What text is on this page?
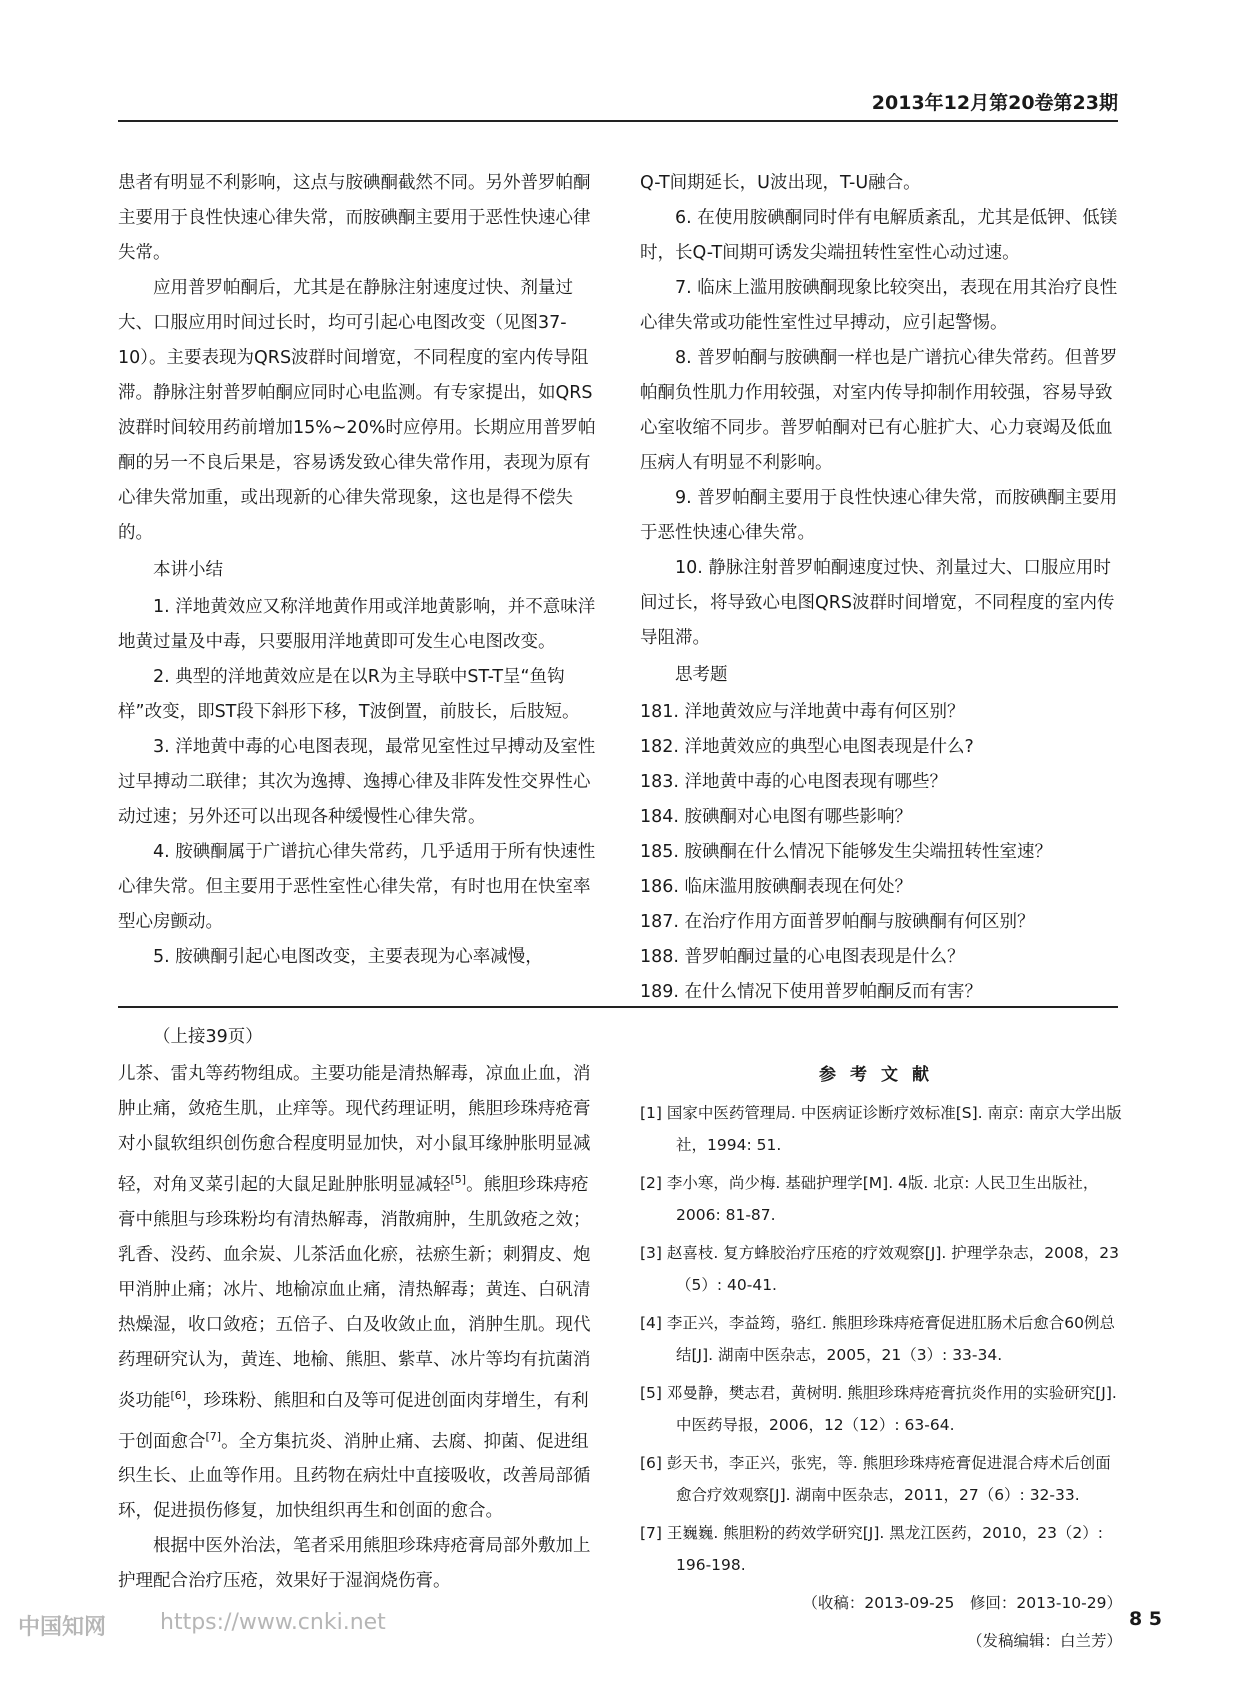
2013年12月第20卷第23期

患者有明显不利影响，这点与胺碘酮截然不同。另外普罗帕酮主要用于良性快速心律失常，而胺碘酮主要用于恶性快速心律失常。

应用普罗帕酮后，尤其是在静脉注射速度过快、剂量过大、口服应用时间过长时，均可引起心电图改变（见图37-10）。主要表现为QRS波群时间增宽，不同程度的室内传导阻滞。静脉注射普罗帕酮应同时心电监测。有专家提出，如QRS波群时间较用药前增加15%~20%时应停用。长期应用普罗帕酮的另一不良后果是，容易诱发致心律失常作用，表现为原有心律失常加重，或出现新的心律失常现象，这也是得不偿失的。

本讲小结

1. 洋地黄效应又称洋地黄作用或洋地黄影响，并不意味洋地黄过量及中毒，只要服用洋地黄即可发生心电图改变。

2. 典型的洋地黄效应是在以R为主导联中ST-T呈“鱼钩样”改变，即ST段下斜形下移，T波倒置，前肢长，后肢短。

3. 洋地黄中毒的心电图表现，最常见室性过早搏动及室性过早搏动二联律；其次为逸搏、逸搏心律及非阵发性交界性心动过速；另外还可以出现各种缓慢性心律失常。

4. 胺碘酮属于广谱抗心律失常药，几乎适用于所有快速性心律失常。但主要用于恶性室性心律失常，有时也用在快室率型心房颤动。

5. 胺碘酮引起心电图改变，主要表现为心率减慢，

Q-T间期延长，U波出现，T-U融合。

6. 在使用胺碘酮同时伴有电解质紊乱，尤其是低钾、低镁时，长Q-T间期可诱发尖端扭转性室性心动过速。

7. 临床上滥用胺碘酮现象比较突出，表现在用其治疗良性心律失常或功能性室性过早搏动，应引起警惕。

8. 普罗帕酮与胺碘酮一样也是广谱抗心律失常药。但普罗帕酮负性肌力作用较强，对室内传导抑制作用较强，容易导致心室收缩不同步。普罗帕酮对已有心脏扩大、心力衰竭及低血压病人有明显不利影响。

9. 普罗帕酮主要用于良性快速心律失常，而胺碘酮主要用于恶性快速心律失常。

10. 静脉注射普罗帕酮速度过快、剂量过大、口服应用时间过长，将导致心电图QRS波群时间增宽，不同程度的室内传导阻滞。

思考题

181. 洋地黄效应与洋地黄中毒有何区别？

182. 洋地黄效应的典型心电图表现是什么?

183. 洋地黄中毒的心电图表现有哪些？

184. 胺碘酮对心电图有哪些影响？

185. 胺碘酮在什么情况下能够发生尖端扭转性室速？

186. 临床滥用胺碘酮表现在何处？

187. 在治疗作用方面普罗帕酮与胺碘酮有何区别？

188. 普罗帕酮过量的心电图表现是什么？

189. 在什么情况下使用普罗帕酮反而有害？

（上接39页）

儿茶、雷丸等药物组成。主要功能是清热解毒，凉血止血，消肿止痛，敛疮生肌，止痒等。现代药理证明，熊胆珍珠痔疮膏对小鼠软组织创伤愈合程度明显加快，对小鼠耳缘肿胀明显减轻，对角叉菜引起的大鼠足趾肿胀明显减轻[5]。熊胆珍珠痔疮膏中熊胆与珍珠粉均有清热解毒，消散痈肿，生肌敛疮之效；乳香、没药、血余炭、儿茶活血化瘀，祛瘀生新；刺猬皮、炮甲消肿止痛；冰片、地榆凉血止痛，清热解毒；黄连、白矾清热燥湿，收口敛疮；五倍子、白及收敛止血，消肿生肌。现代药理研究认为，黄连、地榆、熊胆、紫草、冰片等均有抗菌消炎功能[6]，珍珠粉、熊胆和白及等可促进创面肉芽增生，有利于创面愈合[7]。全方集抗炎、消肿止痛、去腐、抑菌、促进组织生长、止血等作用。且药物在病灶中直接吸收，改善局部循环，促进损伤修复，加快组织再生和创面的愈合。

根据中医外治法，笔者采用熊胆珍珠痔疮膏局部外敷加上护理配合治疗压疮，效果好于湿润烧伤膏。

参考文献

[1] 国家中医药管理局. 中医病证诊断疗效标准[S]. 南京: 南京大学出版社，1994: 51.

[2] 李小寒，尚少梅. 基础护理学[M]. 4版. 北京: 人民卫生出版社，2006: 81-87.

[3] 赵喜枝. 复方蜂胶治疗压疮的疗效观察[J]. 护理学杂志，2008，23（5）: 40-41.

[4] 李正兴，李益筠，骆红. 熊胆珍珠痔疮膏促进肛肠术后愈合60例总结[J]. 湖南中医杂志，2005，21（3）: 33-34.

[5] 邓曼静，樊志君，黄树明. 熊胆珍珠痔疮膏抗炎作用的实验研究[J]. 中医药导报，2006，12（12）: 63-64.

[6] 彭天书，李正兴，张宪，等. 熊胆珍珠痔疮膏促进混合痔术后创面愈合疗效观察[J]. 湖南中医杂志，2011，27（6）: 32-33.

[7] 王巍巍. 熊胆粉的药效学研究[J]. 黑龙江医药，2010，23（2）: 196-198.

（收稿：2013-09-25　修回：2013-10-29）

（发稿编辑：白兰芳）

中国知网 https://www.cnki.net	8 5
